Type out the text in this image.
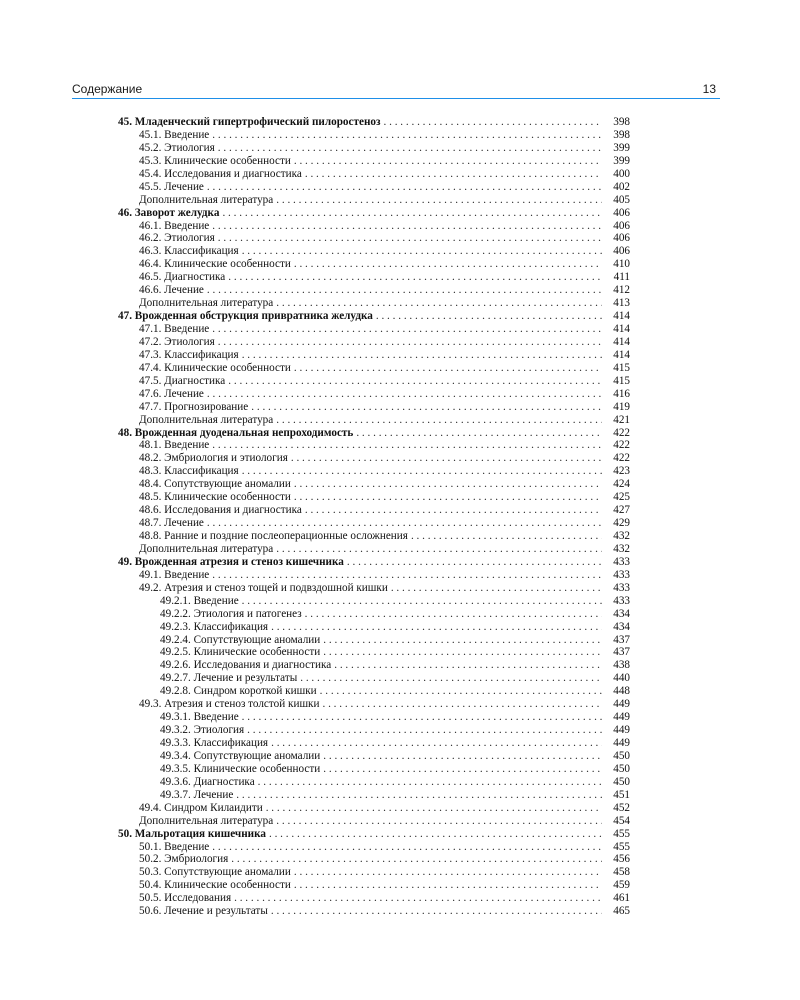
Содержание	13
45. Младенческий гипертрофический пилоростеноз . . .	398
45.1. Введение . . .	398
45.2. Этиология . . .	399
45.3. Клинические особенности . . .	399
45.4. Исследования и диагностика . . .	400
45.5. Лечение . . .	402
Дополнительная литература . . .	405
46. Заворот желудка . . .	406
46.1. Введение . . .	406
46.2. Этиология . . .	406
46.3. Классификация . . .	406
46.4. Клинические особенности . . .	410
46.5. Диагностика . . .	411
46.6. Лечение . . .	412
Дополнительная литература . . .	413
47. Врожденная обструкция привратника желудка . . .	414
47.1. Введение . . .	414
47.2. Этиология . . .	414
47.3. Классификация . . .	414
47.4. Клинические особенности . . .	415
47.5. Диагностика . . .	415
47.6. Лечение . . .	416
47.7. Прогнозирование . . .	419
Дополнительная литература . . .	421
48. Врожденная дуоденальная непроходимость . . .	422
48.1. Введение . . .	422
48.2. Эмбриология и этиология . . .	422
48.3. Классификация . . .	423
48.4. Сопутствующие аномалии . . .	424
48.5. Клинические особенности . . .	425
48.6. Исследования и диагностика . . .	427
48.7. Лечение . . .	429
48.8. Ранние и поздние послеоперационные осложнения . . .	432
Дополнительная литература . . .	432
49. Врожденная атрезия и стеноз кишечника . . .	433
49.1. Введение . . .	433
49.2. Атрезия и стеноз тощей и подвздошной кишки . . .	433
49.2.1. Введение . . .	433
49.2.2. Этиология и патогенез . . .	434
49.2.3. Классификация . . .	434
49.2.4. Сопутствующие аномалии . . .	437
49.2.5. Клинические особенности . . .	437
49.2.6. Исследования и диагностика . . .	438
49.2.7. Лечение и результаты . . .	440
49.2.8. Синдром короткой кишки . . .	448
49.3. Атрезия и стеноз толстой кишки . . .	449
49.3.1. Введение . . .	449
49.3.2. Этиология . . .	449
49.3.3. Классификация . . .	449
49.3.4. Сопутствующие аномалии . . .	450
49.3.5. Клинические особенности . . .	450
49.3.6. Диагностика . . .	450
49.3.7. Лечение . . .	451
49.4. Синдром Килаидити . . .	452
Дополнительная литература . . .	454
50. Мальротация кишечника . . .	455
50.1. Введение . . .	455
50.2. Эмбриология . . .	456
50.3. Сопутствующие аномалии . . .	458
50.4. Клинические особенности . . .	459
50.5. Исследования . . .	461
50.6. Лечение и результаты . . .	465
